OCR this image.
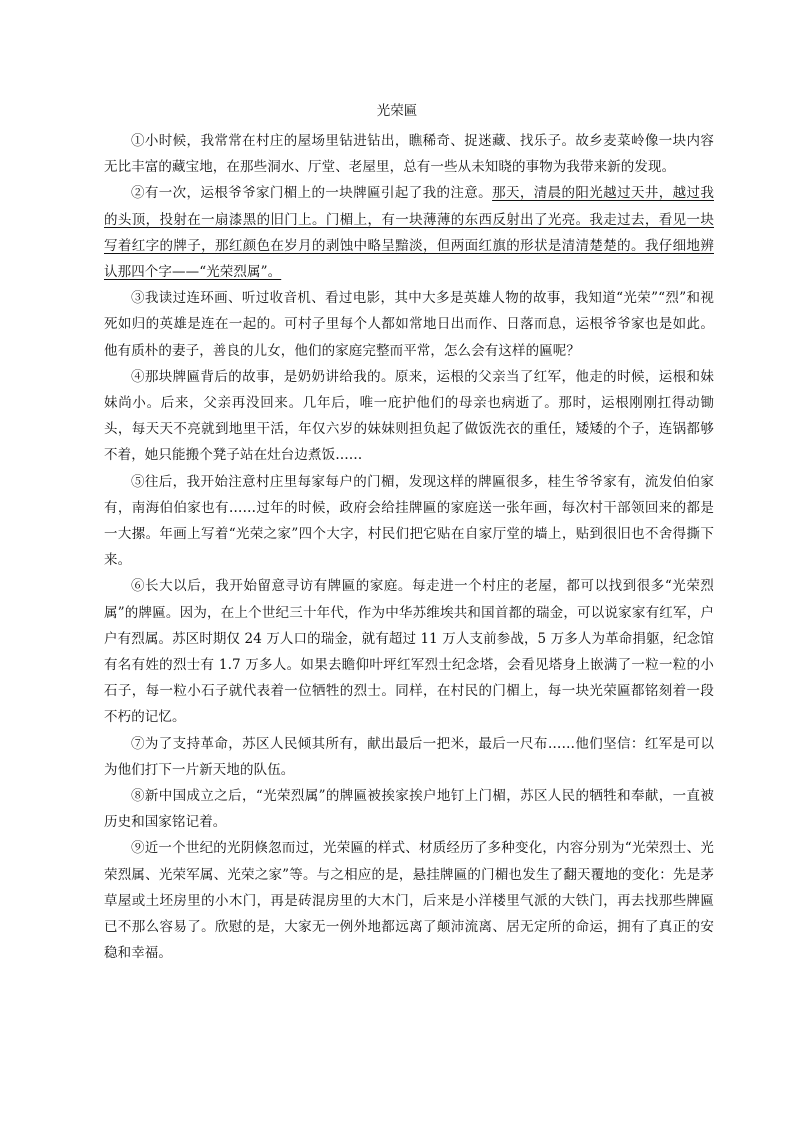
光荣匾

①小时候，我常常在村庄的屋场里钻进钻出，瞧稀奇、捉迷藏、找乐子。故乡麦菜岭像一块内容无比丰富的藏宝地，在那些洞水、厅堂、老屋里，总有一些从未知晓的事物为我带来新的发现。

②有一次，运根爷爷家门楣上的一块牌匾引起了我的注意。那天，清晨的阳光越过天井，越过我的头顶，投射在一扇漆黑的旧门上。门楣上，有一块薄薄的东西反射出了光亮。我走过去，看见一块写着红字的牌子，那红颜色在岁月的剥蚀中略呈黯淡，但两面红旗的形状是清清楚楚的。我仔细地辨认那四个字——“光荣烈属”。

③我读过连环画、听过收音机、看过电影，其中大多是英雄人物的故事，我知道“光荣”“烈”和视死如归的英雄是连在一起的。可村子里每个人都如常地日出而作、日落而息，运根爷爷家也是如此。他有质朴的妻子，善良的儿女，他们的家庭完整而平常，怎么会有这样的匾呢？

④那块牌匾背后的故事，是奶奶讲给我的。原来，运根的父亲当了红军，他走的时候，运根和妹妹尚小。后来，父亲再没回来。几年后，唯一庇护他们的母亲也病逝了。那时，运根刚刚扛得动锄头，每天天不亮就到地里干活，年仅六岁的妹妹则担负起了做饭洗衣的重任，矮矮的个子，连锅都够不着，她只能搬个凳子站在灶台边煮饭……

⑤往后，我开始注意村庄里每家每户的门楣，发现这样的牌匾很多，桂生爷爷家有，流发伯伯家有，南海伯伯家也有……过年的时候，政府会给挂牌匾的家庭送一张年画，每次村干部领回来的都是一大摞。年画上写着“光荣之家”四个大字，村民们把它贴在自家厅堂的墙上，贴到很旧也不舍得撕下来。

⑥长大以后，我开始留意寻访有牌匾的家庭。每走进一个村庄的老屋，都可以找到很多“光荣烈属”的牌匾。因为，在上个世纪三十年代，作为中华苏维埃共和国首都的瑞金，可以说家家有红军，户户有烈属。苏区时期仅 24 万人口的瑞金，就有超过 11 万人支前参战，5 万多人为革命捐躯，纪念馆有名有姓的烈士有 1.7 万多人。如果去瞻仰叶坪红军烈士纪念塔，会看见塔身上嵌满了一粒一粒的小石子，每一粒小石子就代表着一位牺牲的烈士。同样，在村民的门楣上，每一块光荣匾都铭刻着一段不朽的记忆。

⑦为了支持革命，苏区人民倾其所有，献出最后一把米，最后一尺布……他们坚信：红军是可以为他们打下一片新天地的队伍。

⑧新中国成立之后，“光荣烈属”的牌匾被挨家挨户地钉上门楣，苏区人民的牺牲和奉献，一直被历史和国家铭记着。

⑨近一个世纪的光阴倏忽而过，光荣匾的样式、材质经历了多种变化，内容分别为“光荣烈士、光荣烈属、光荣军属、光荣之家”等。与之相应的是，悬挂牌匾的门楣也发生了翻天覆地的变化：先是茅草屋或土坯房里的小木门，再是砖混房里的大木门，后来是小洋楼里气派的大铁门，再去找那些牌匾已不那么容易了。欣慰的是，大家无一例外地都远离了颠沛流离、居无定所的命运，拥有了真正的安稳和幸福。
